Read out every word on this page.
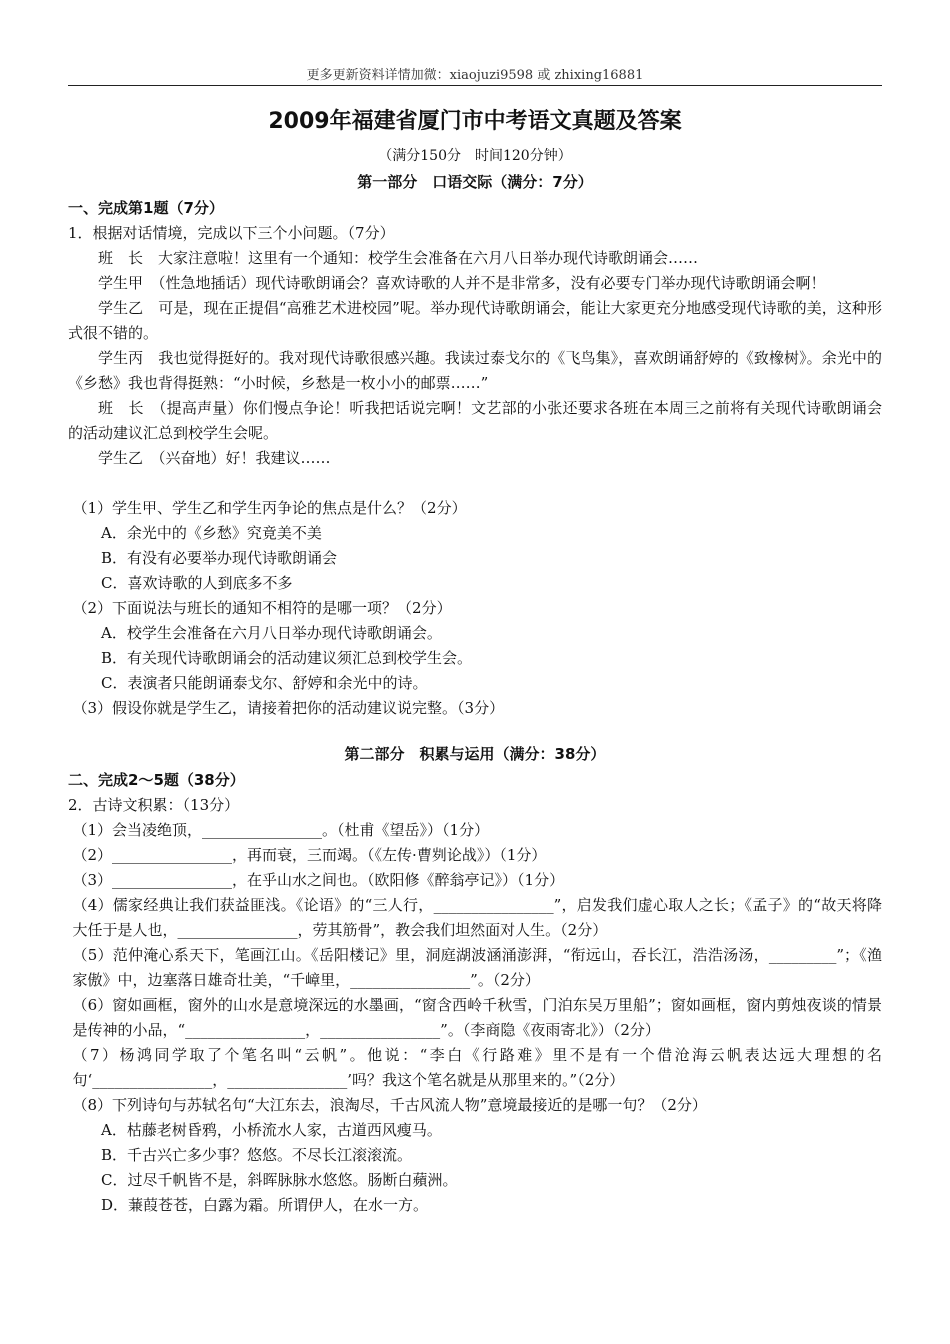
更多更新资料详情加微：xiaojuzi9598 或 zhixing16881
2009年福建省厦门市中考语文真题及答案
（满分150分　时间120分钟）
第一部分　口语交际（满分：7分）
一、完成第1题（7分）

1．根据对话情境，完成以下三个小问题。（7分）

班　长　大家注意啦！这里有一个通知：校学生会准备在六月八日举办现代诗歌朗诵会……

学生甲　（性急地插话）现代诗歌朗诵会？喜欢诗歌的人并不是非常多，没有必要专门举办现代诗歌朗诵会啊！

学生乙　可是，现在正提倡“高雅艺术进校园”呢。举办现代诗歌朗诵会，能让大家更充分地感受现代诗歌的美，这种形式很不错的。

学生丙　我也觉得挺好的。我对现代诗歌很感兴趣。我读过泰戈尔的《飞鸟集》，喜欢朗诵舒婷的《致橡树》。余光中的《乡愁》我也背得挺熟：“小时候，乡愁是一枚小小的邮票……”

班　长　（提高声量）你们慢点争论！听我把话说完啊！文艺部的小张还要求各班在本周三之前将有关现代诗歌朗诵会的活动建议汇总到校学生会呢。

学生乙　（兴奋地）好！我建议……

（1）学生甲、学生乙和学生丙争论的焦点是什么？（2分）

A．余光中的《乡愁》究竟美不美

B．有没有必要举办现代诗歌朗诵会

C．喜欢诗歌的人到底多不多

（2）下面说法与班长的通知不相符的是哪一项？（2分）

A．校学生会准备在六月八日举办现代诗歌朗诵会。

B．有关现代诗歌朗诵会的活动建议须汇总到校学生会。

C．表演者只能朗诵泰戈尔、舒婷和余光中的诗。

（3）假设你就是学生乙，请接着把你的活动建议说完整。（3分）

第二部分　积累与运用（满分：38分）
二、完成2～5题（38分）

2．古诗文积累：（13分）

（1）会当凌绝顶，________________。（杜甫《望岳》）（1分）

（2）________________，再而衰，三而竭。（《左传·曹刿论战》）（1分）

（3）________________，在乎山水之间也。（欧阳修《醉翁亭记》）（1分）

（4）儒家经典让我们获益匪浅。《论语》的“三人行，________________”，启发我们虚心取人之长；《孟子》的“故天将降大任于是人也，________________，劳其筋骨”，教会我们坦然面对人生。（2分）

（5）范仲淹心系天下，笔画江山。《岳阳楼记》里，洞庭湖波涵涌澎湃，“衔远山，吞长江，浩浩汤汤，_________”；《渔家傲》中，边塞落日雄奇壮美，“千嶂里，________________”。（2分）

（6）窗如画框，窗外的山水是意境深远的水墨画，“窗含西岭千秋雪，门泊东吴万里船”；窗如画框，窗内剪烛夜谈的情景是传神的小品，“________________，________________”。（李商隐《夜雨寄北》）（2分）

（7）杨鸿同学取了个笔名叫“云帆”。他说：“李白《行路难》里不是有一个借沧海云帆表达远大理想的名句‘________________，________________’吗？我这个笔名就是从那里来的。”（2分）

（8）下列诗句与苏轼名句“大江东去，浪淘尽，千古风流人物”意境最接近的是哪一句？（2分）

A．枯藤老树昏鸦，小桥流水人家，古道西风瘦马。

B．千古兴亡多少事？悠悠。不尽长江滚滚流。

C．过尽千帆皆不是，斜晖脉脉水悠悠。肠断白蘋洲。

D．蒹葭苍苍，白露为霜。所谓伊人，在水一方。
